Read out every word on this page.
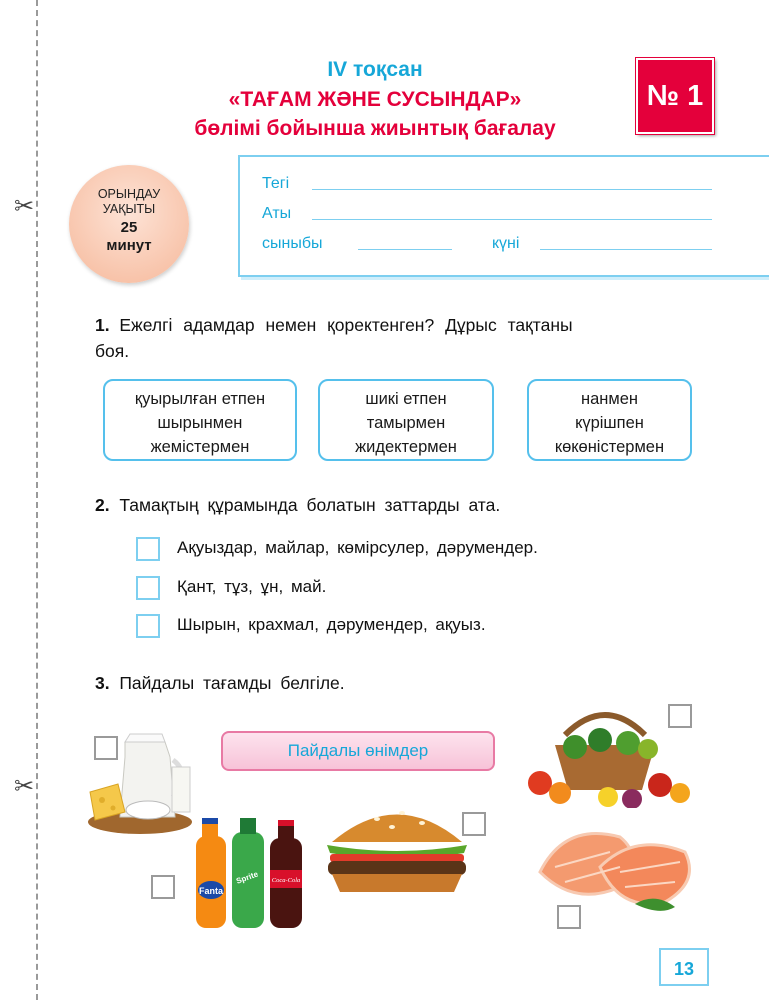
✂
✂
IV тоқсан
«ТАҒАМ ЖӘНЕ СУСЫНДАР»
бөлімі бойынша жиынтық бағалау
№ 1
ОРЫНДАУ УАҚЫТЫ
25
минут
Тегі
Аты
сыныбы	күні
1. Ежелгі адамдар немен қоректенген? Дұрыс тақтаны
боя.
қуырылған етпен
шырынмен
жемістермен
шикі етпен
тамырмен
жидектермен
нанмен
күрішпен
көкөністермен
2. Тамақтың құрамында болатын заттарды ата.
Ақуыздар, майлар, көмірсулер, дәрумендер.
Қант, тұз, ұн, май.
Шырын, крахмал, дәрумендер, ақуыз.
3. Пайдалы тағамды белгіле.
Пайдалы өнімдер
Fanta
Sprite Coca-Cola
13
